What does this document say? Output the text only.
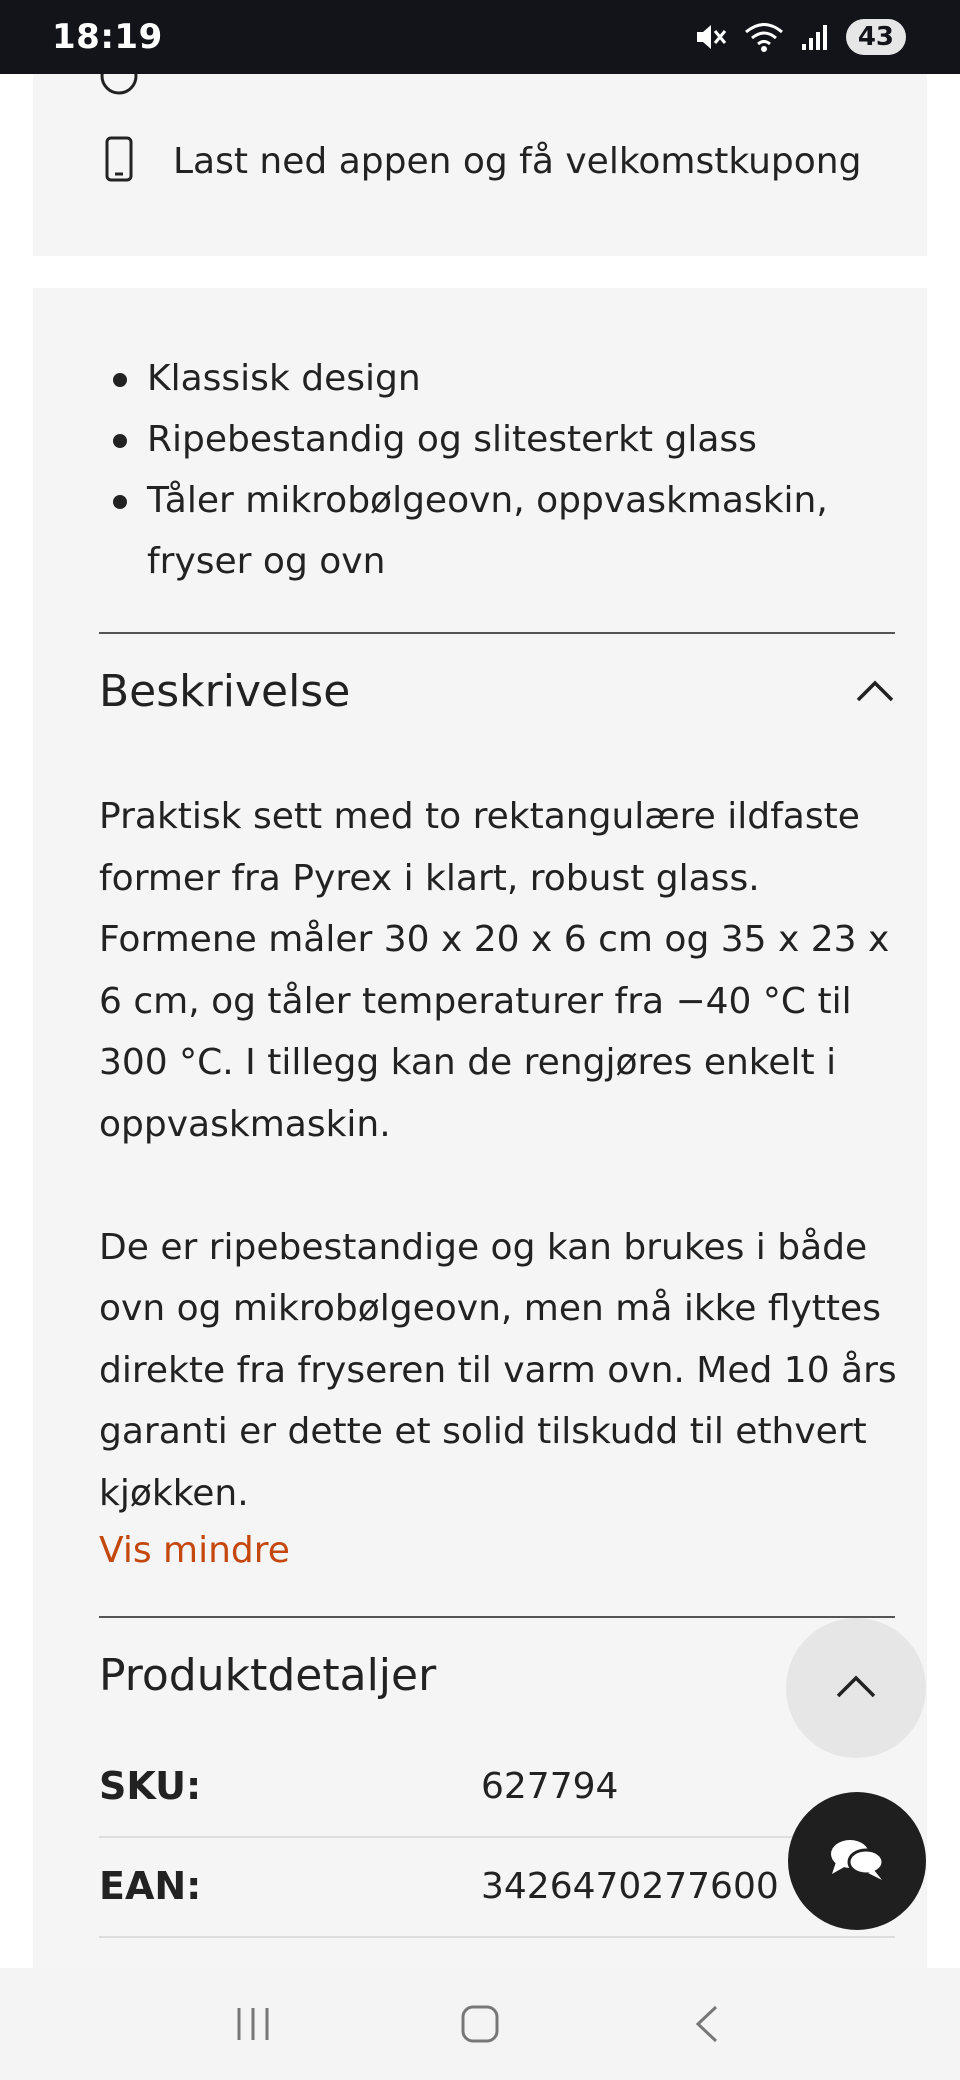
18:19	43
Last ned appen og få velkomstkupong
Klassisk design
Ripebestandig og slitesterkt glass
Tåler mikrobølgeovn, oppvaskmaskin, fryser og ovn
Beskrivelse

Praktisk sett med to rektangulære ildfaste former fra Pyrex i klart, robust glass. Formene måler 30 x 20 x 6 cm og 35 x 23 x 6 cm, og tåler temperaturer fra −40 °C til 300 °C. I tillegg kan de rengjøres enkelt i oppvaskmaskin.

De er ripebestandige og kan brukes i både ovn og mikrobølgeovn, men må ikke flyttes direkte fra fryseren til varm ovn. Med 10 års garanti er dette et solid tilskudd til ethvert kjøkken.

Vis mindre
Produktdetaljer
SKU:	627794
EAN:	3426470277600
